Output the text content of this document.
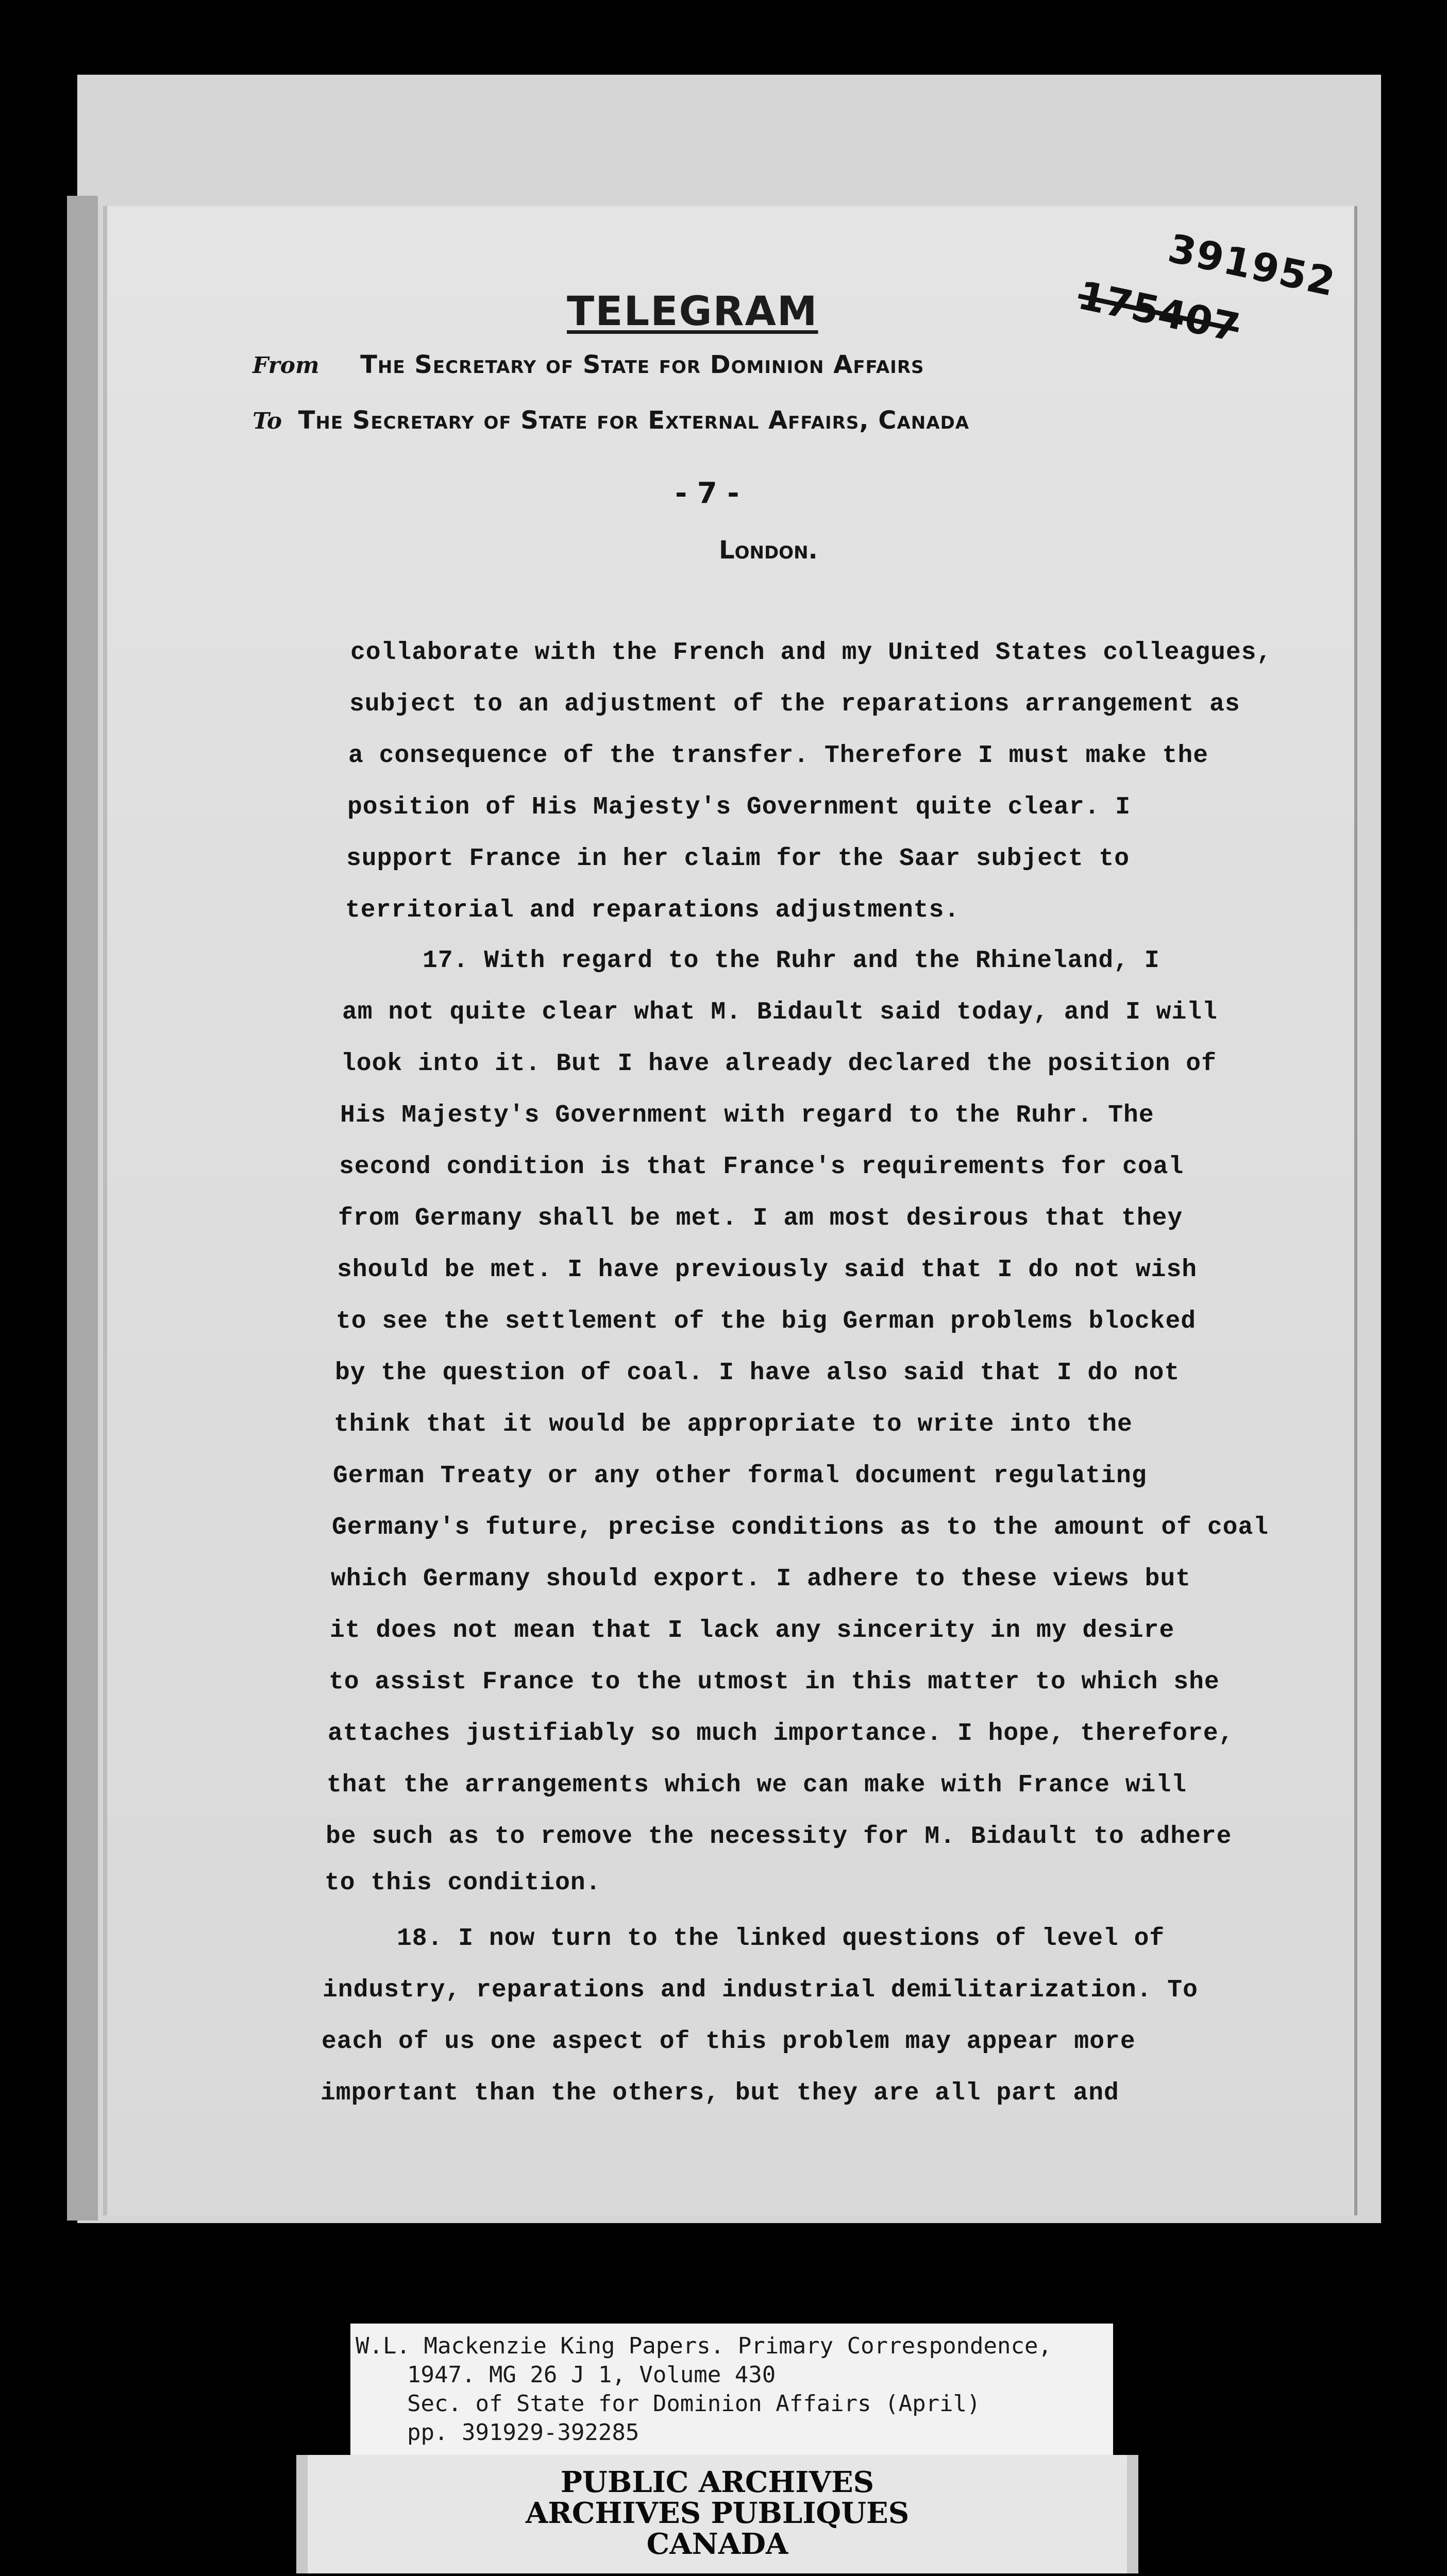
TELEGRAM
391952
175407
From The Secretary of State for Dominion Affairs
To The Secretary of State for External Affairs, Canada
- 7 -
London.
collaborate with the French and my United States colleagues,
subject to an adjustment of the reparations arrangement as
a consequence of the transfer. Therefore I must make the
position of His Majesty's Government quite clear. I
support France in her claim for the Saar subject to
territorial and reparations adjustments.
17. With regard to the Ruhr and the Rhineland, I
am not quite clear what M. Bidault said today, and I will
look into it. But I have already declared the position of
His Majesty's Government with regard to the Ruhr. The
second condition is that France's requirements for coal
from Germany shall be met. I am most desirous that they
should be met. I have previously said that I do not wish
to see the settlement of the big German problems blocked
by the question of coal. I have also said that I do not
think that it would be appropriate to write into the
German Treaty or any other formal document regulating
Germany's future, precise conditions as to the amount of coal
which Germany should export. I adhere to these views but
it does not mean that I lack any sincerity in my desire
to assist France to the utmost in this matter to which she
attaches justifiably so much importance. I hope, therefore,
that the arrangements which we can make with France will
be such as to remove the necessity for M. Bidault to adhere
to this condition.
18. I now turn to the linked questions of level of
industry, reparations and industrial demilitarization. To
each of us one aspect of this problem may appear more
important than the others, but they are all part and
W.L. Mackenzie King Papers. Primary Correspondence,
1947. MG 26 J 1, Volume 430
Sec. of State for Dominion Affairs (April)
pp. 391929-392285
PUBLIC ARCHIVES
ARCHIVES PUBLIQUES
CANADA
